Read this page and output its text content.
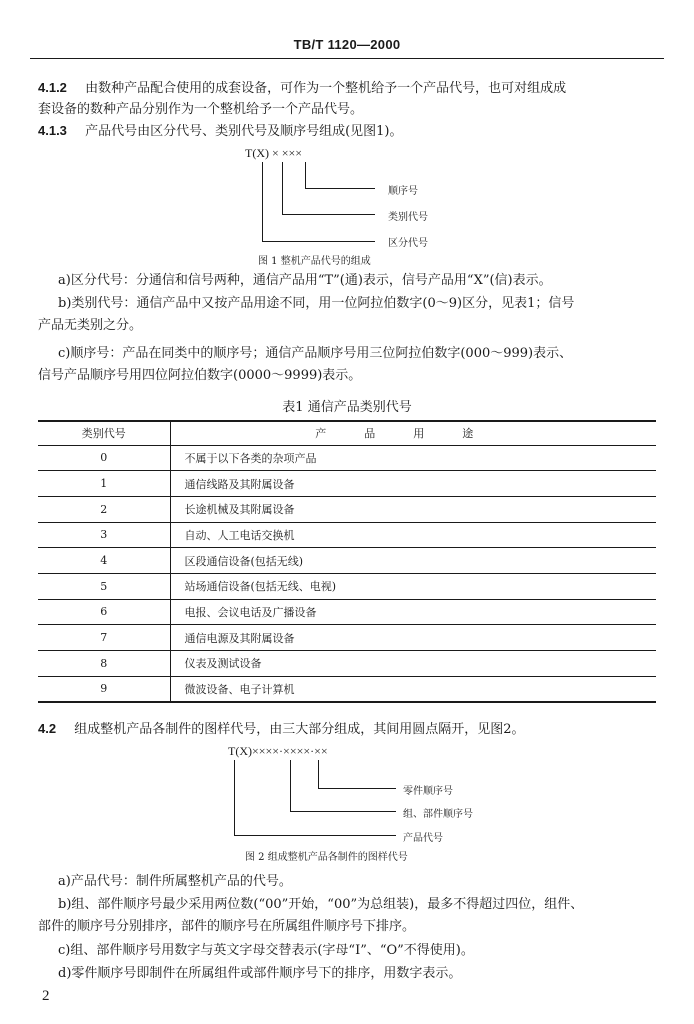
TB/T 1120—2000
4.1.2 由数种产品配合使用的成套设备，可作为一个整机给予一个产品代号，也可对组成成
套设备的数种产品分别作为一个整机给予一个产品代号。
4.1.3 产品代号由区分代号、类别代号及顺序号组成(见图1)。
T(X) × ×××
顺序号
类别代号
区分代号
图 1 整机产品代号的组成
a)区分代号：分通信和信号两种，通信产品用“T”(通)表示，信号产品用“X”(信)表示。
b)类别代号：通信产品中又按产品用途不同，用一位阿拉伯数字(0～9)区分，见表1；信号
产品无类别之分。
c)顺序号：产品在同类中的顺序号；通信产品顺序号用三位阿拉伯数字(000～999)表示、
信号产品顺序号用四位阿拉伯数字(0000～9999)表示。
表1 通信产品类别代号
类别代号	产品用途
0	不属于以下各类的杂项产品
1	通信线路及其附属设备
2	长途机械及其附属设备
3	自动、人工电话交换机
4	区段通信设备(包括无线)
5	站场通信设备(包括无线、电视)
6	电报、会议电话及广播设备
7	通信电源及其附属设备
8	仪表及测试设备
9	微波设备、电子计算机
4.2 组成整机产品各制件的图样代号，由三大部分组成，其间用圆点隔开，见图2。
T(X)××××·××××·××
零件顺序号
组、部件顺序号
产品代号
图 2 组成整机产品各制件的图样代号
a)产品代号：制件所属整机产品的代号。
b)组、部件顺序号最少采用两位数(“00”开始，“00”为总组装)，最多不得超过四位，组件、
部件的顺序号分别排序，部件的顺序号在所属组件顺序号下排序。
c)组、部件顺序号用数字与英文字母交替表示(字母“I”、“O”不得使用)。
d)零件顺序号即制件在所属组件或部件顺序号下的排序，用数字表示。
2
